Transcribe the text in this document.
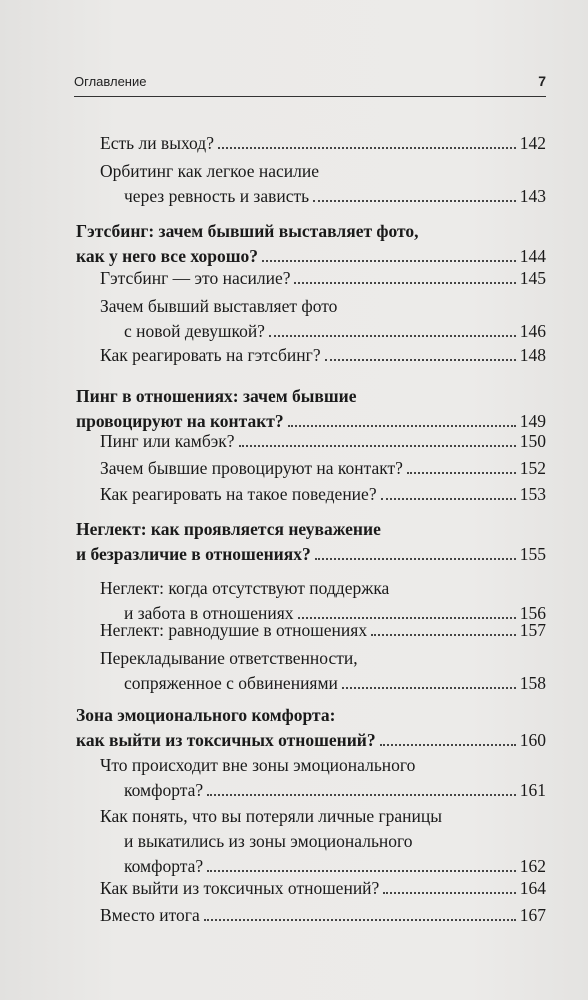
Оглавление	7
Есть ли выход?	142
Орбитинг как легкое насилие
через ревность и зависть	143
Гэтсбинг: зачем бывший выставляет фото,
как у него все хорошо?	144
Гэтсбинг — это насилие?	145
Зачем бывший выставляет фото
с новой девушкой?	146
Как реагировать на гэтсбинг?	148
Пинг в отношениях: зачем бывшие
провоцируют на контакт?	149
Пинг или камбэк?	150
Зачем бывшие провоцируют на контакт?	152
Как реагировать на такое поведение?	153
Неглект: как проявляется неуважение
и безразличие в отношениях?	155
Неглект: когда отсутствуют поддержка
и забота в отношениях	156
Неглект: равнодушие в отношениях	157
Перекладывание ответственности,
сопряженное с обвинениями	158
Зона эмоционального комфорта:
как выйти из токсичных отношений?	160
Что происходит вне зоны эмоционального
комфорта?	161
Как понять, что вы потеряли личные границы
и выкатились из зоны эмоционального
комфорта?	162
Как выйти из токсичных отношений?	164
Вместо итога	167
